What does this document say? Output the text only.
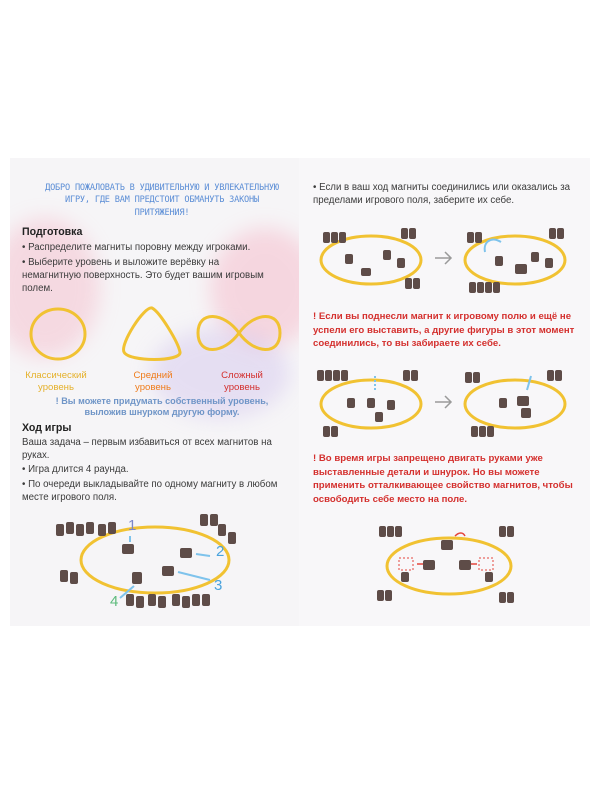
ДОБРО ПОЖАЛОВАТЬ В УДИВИТЕЛЬНУЮ И УВЛЕКАТЕЛЬНУЮ ИГРУ, ГДЕ ВАМ ПРЕДСТОИТ ОБМАНУТЬ ЗАКОНЫ ПРИТЯЖЕНИЯ!

Подготовка

• Распределите магниты поровну между игроками.

• Выберите уровень и выложите верёвку на немагнитную поверхность. Это будет вашим игровым полем.

Классический
уровень

Средний
уровень

Сложный
уровень

! Вы можете придумать собственный уровень, выложив шнурком другую форму.

Ход игры

Ваша задача – первым избавиться от всех магнитов на руках.

• Игра длится 4 раунда.

• По очереди выкладывайте по одному магниту в любом месте игрового поля.

1
2
3
4

• Если в ваш ход магниты соединились или оказались за пределами игрового поля, заберите их себе.

! Если вы поднесли магнит к игровому полю и ещё не успели его выставить, а другие фигуры в этот момент соединились, то вы забираете их себе.

! Во время игры запрещено двигать руками уже выставленные детали и шнурок. Но вы можете применить отталкивающее свойство магнитов, чтобы освободить себе место на поле.
